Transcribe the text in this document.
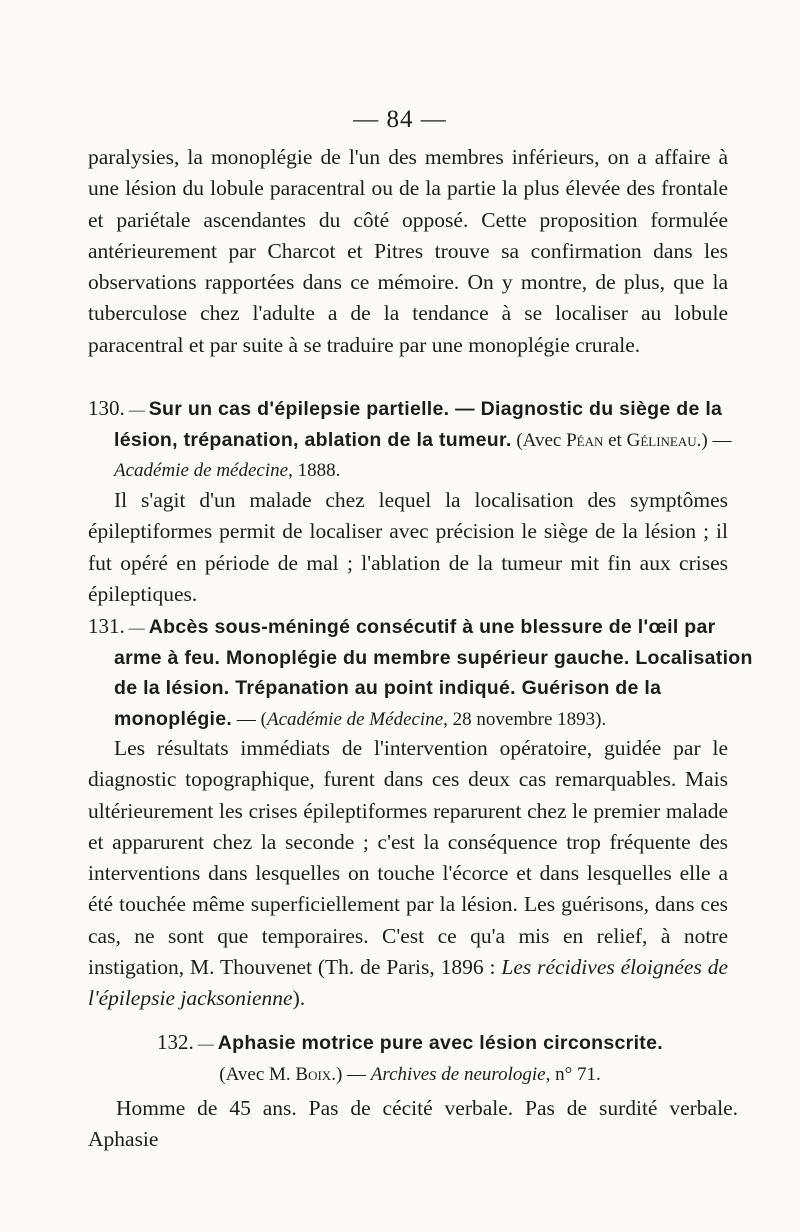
— 84 —

paralysies, la monoplégie de l'un des membres inférieurs, on a affaire à une lésion du lobule paracentral ou de la partie la plus élevée des frontale et pariétale ascendantes du côté opposé. Cette proposition formulée antérieurement par Charcot et Pitres trouve sa confirmation dans les observations rapportées dans ce mémoire. On y montre, de plus, que la tuberculose chez l'adulte a de la tendance à se localiser au lobule paracentral et par suite à se traduire par une monoplégie crurale.

130. — Sur un cas d'épilepsie partielle. — Diagnostic du siège de la lésion, trépanation, ablation de la tumeur. (Avec Péan et Gélineau.) — Académie de médecine, 1888.

Il s'agit d'un malade chez lequel la localisation des symptômes épileptiformes permit de localiser avec précision le siège de la lésion ; il fut opéré en période de mal ; l'ablation de la tumeur mit fin aux crises épileptiques.

131. — Abcès sous-méningé consécutif à une blessure de l'œil par arme à feu. Monoplégie du membre supérieur gauche. Localisation de la lésion. Trépanation au point indiqué. Guérison de la monoplégie. — (Académie de Médecine, 28 novembre 1893).

Les résultats immédiats de l'intervention opératoire, guidée par le diagnostic topographique, furent dans ces deux cas remarquables. Mais ultérieurement les crises épileptiformes reparurent chez le premier malade et apparurent chez la seconde ; c'est la conséquence trop fréquente des interventions dans lesquelles on touche l'écorce et dans lesquelles elle a été touchée même superficiellement par la lésion. Les guérisons, dans ces cas, ne sont que temporaires. C'est ce qu'a mis en relief, à notre instigation, M. Thouvenet (Th. de Paris, 1896 : Les récidives éloignées de l'épilepsie jacksonienne).

132. — Aphasie motrice pure avec lésion circonscrite.
(Avec M. Boix.) — Archives de neurologie, n° 71.

Homme de 45 ans. Pas de cécité verbale. Pas de surdité verbale. Aphasie
